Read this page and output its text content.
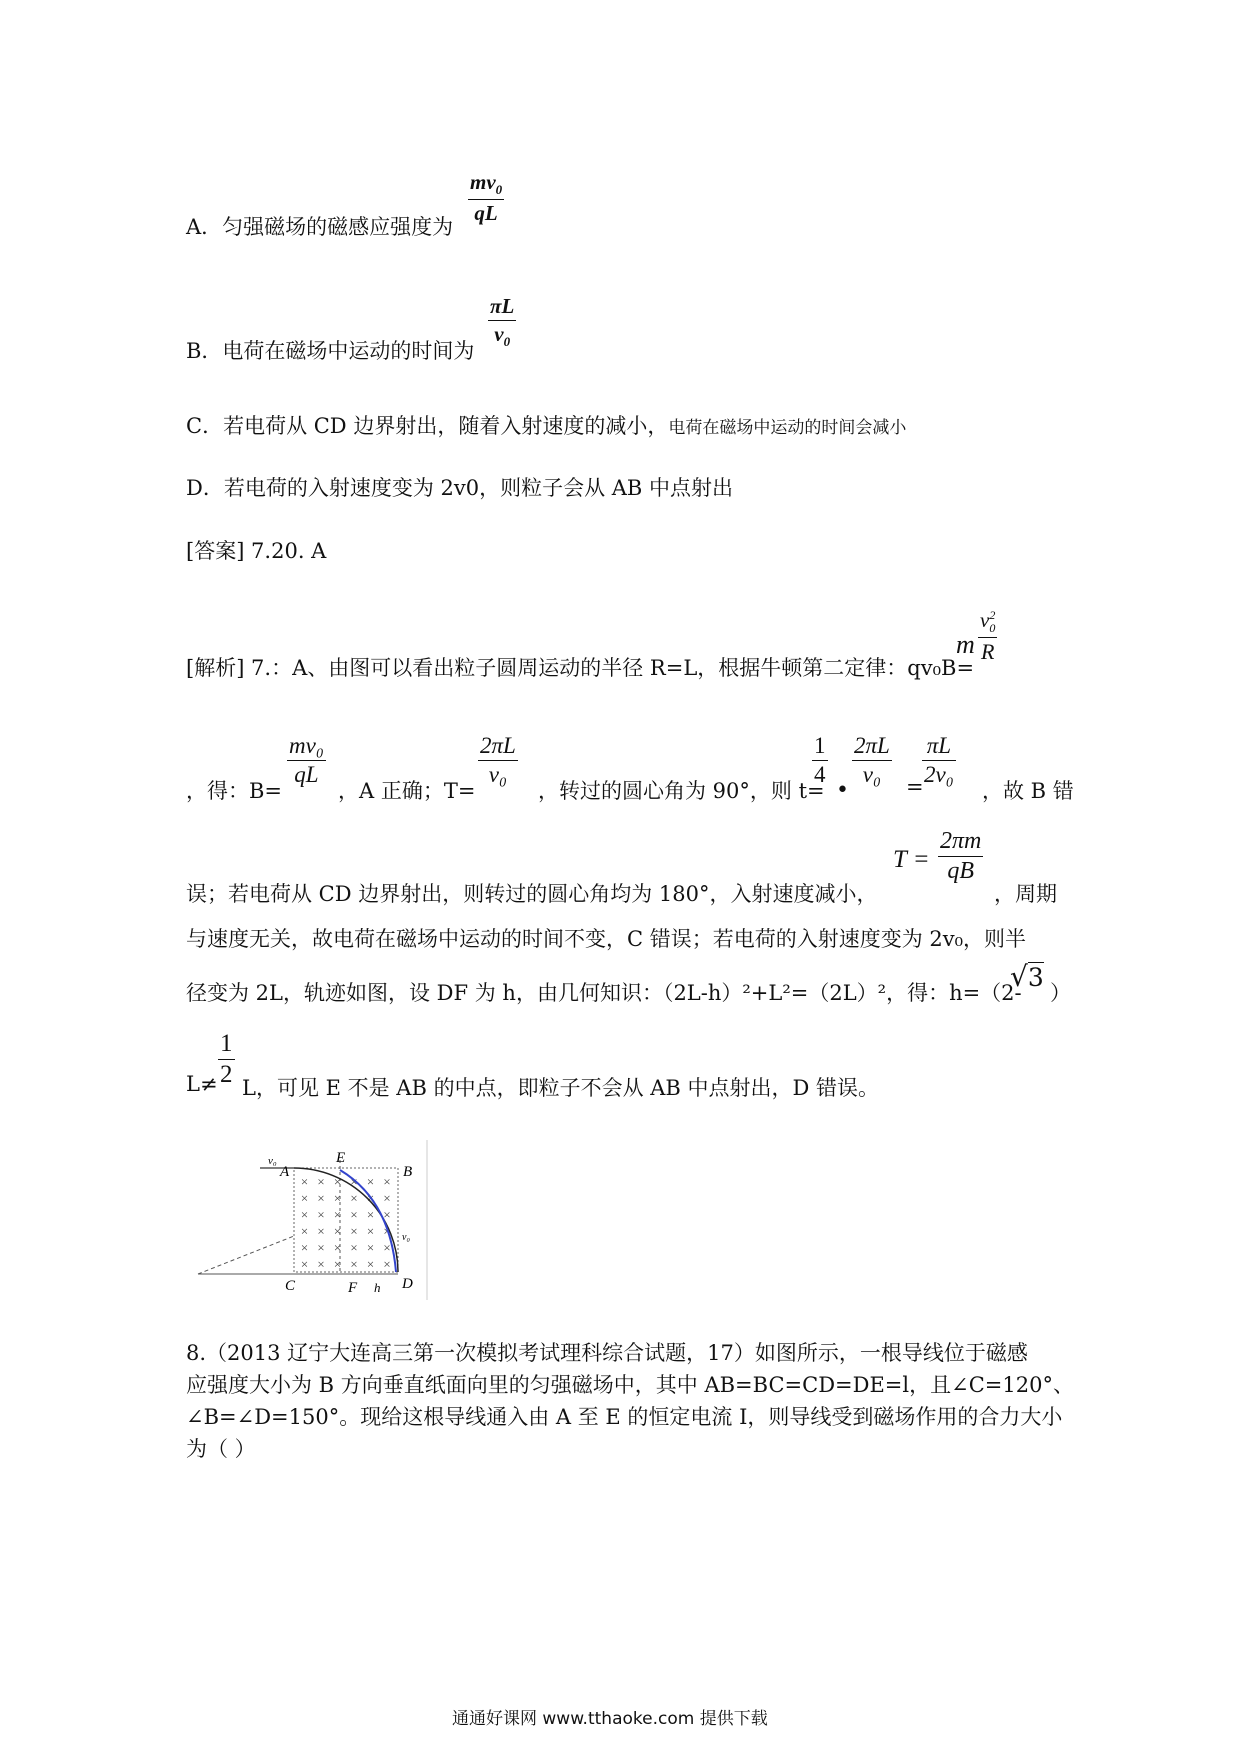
A．匀强磁场的磁感应强度为
$mv_0$
qL
B．电荷在磁场中运动的时间为
πL
$v_0$
C．若电荷从 CD 边界射出，随着入射速度的减小，电荷在磁场中运动的时间会减小
D．若电荷的入射速度变为 2v0，则粒子会从 AB 中点射出
[答案] 7.20. A
[解析] 7.：A、由图可以看出粒子圆周运动的半径 R=L，根据牛顿第二定律：qv₀B=
m
$v^2_0$
R
，得：B=
mv₀
qL
，A 正确；T=
2πL
v₀
，转过的圆心角为 90°，则 t=
1
4
•
2πL
v₀	=
πL
2v₀
，故 B 错
误；若电荷从 CD 边界射出，则转过的圆心角均为 180°，入射速度减小，
T =
2πm
qB
，周期
与速度无关，故电荷在磁场中运动的时间不变，C 错误；若电荷的入射速度变为 2v₀，则半
径变为 2L，轨迹如图，设 DF 为 h，由几何知识：（2L-h）²+L²=（2L）²，得：h=（2-
√3
）
L≠
1
2 L，可见 E 不是 AB 的中点，即粒子不会从 AB 中点射出，D 错误。
× × × × × ×
× × × × × ×
× × × × × ×
× × × × × ×
× × × × × ×
× × × × × ×
v₀
A	B
E
C	D
F h
v₀
8.（2013 辽宁大连高三第一次模拟考试理科综合试题，17）如图所示，一根导线位于磁感
应强度大小为 B 方向垂直纸面向里的匀强磁场中，其中 AB=BC=CD=DE=l，且∠C=120°、
∠B=∠D=150°。现给这根导线通入由 A 至 E 的恒定电流 I，则导线受到磁场作用的合力大小
为（ ）
通通好课网 www.tthaoke.com 提供下载
